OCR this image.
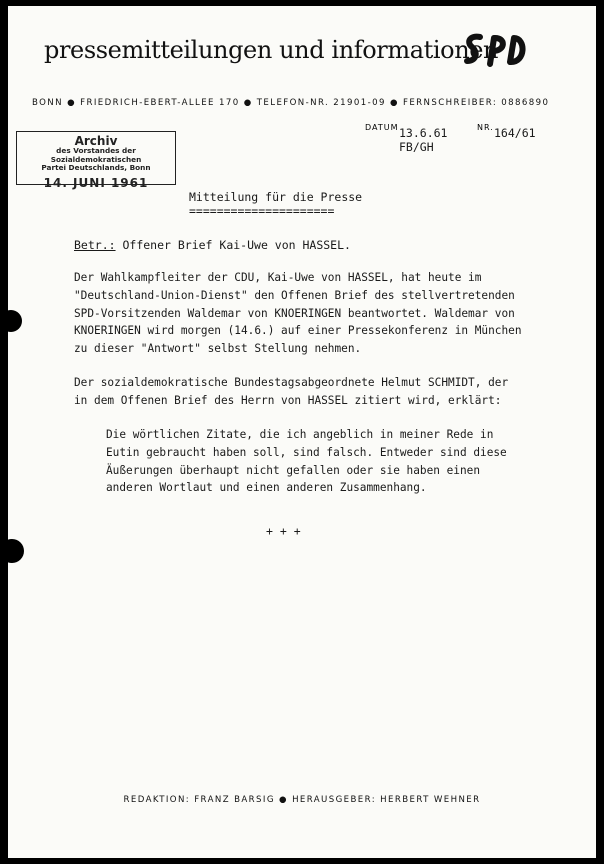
pressemitteilungen und informationen
BONN ● FRIEDRICH-EBERT-ALLEE 170 ● TELEFON-NR. 21901-09 ● FERNSCHREIBER: 0886890
Archiv
des Vorstandes der Sozialdemokratischen
Partei Deutschlands, Bonn
14. JUNI 1961
DATUM 13.6.61
FB/GH
NR. 164/61
Mitteilung für die Presse
=====================
Betr.: Offener Brief Kai-Uwe von HASSEL.
Der Wahlkampfleiter der CDU, Kai-Uwe von HASSEL, hat heute im
"Deutschland-Union-Dienst" den Offenen Brief des stellvertretenden
SPD-Vorsitzenden Waldemar von KNOERINGEN beantwortet. Waldemar von
KNOERINGEN wird morgen (14.6.) auf einer Pressekonferenz in München
zu dieser "Antwort" selbst Stellung nehmen.
Der sozialdemokratische Bundestagsabgeordnete Helmut SCHMIDT, der
in dem Offenen Brief des Herrn von HASSEL zitiert wird, erklärt:
Die wörtlichen Zitate, die ich angeblich in meiner Rede in
Eutin gebraucht haben soll, sind falsch. Entweder sind diese
Äußerungen überhaupt nicht gefallen oder sie haben einen
anderen Wortlaut und einen anderen Zusammenhang.
+ + +
REDAKTION: FRANZ BARSIG ● HERAUSGEBER: HERBERT WEHNER
